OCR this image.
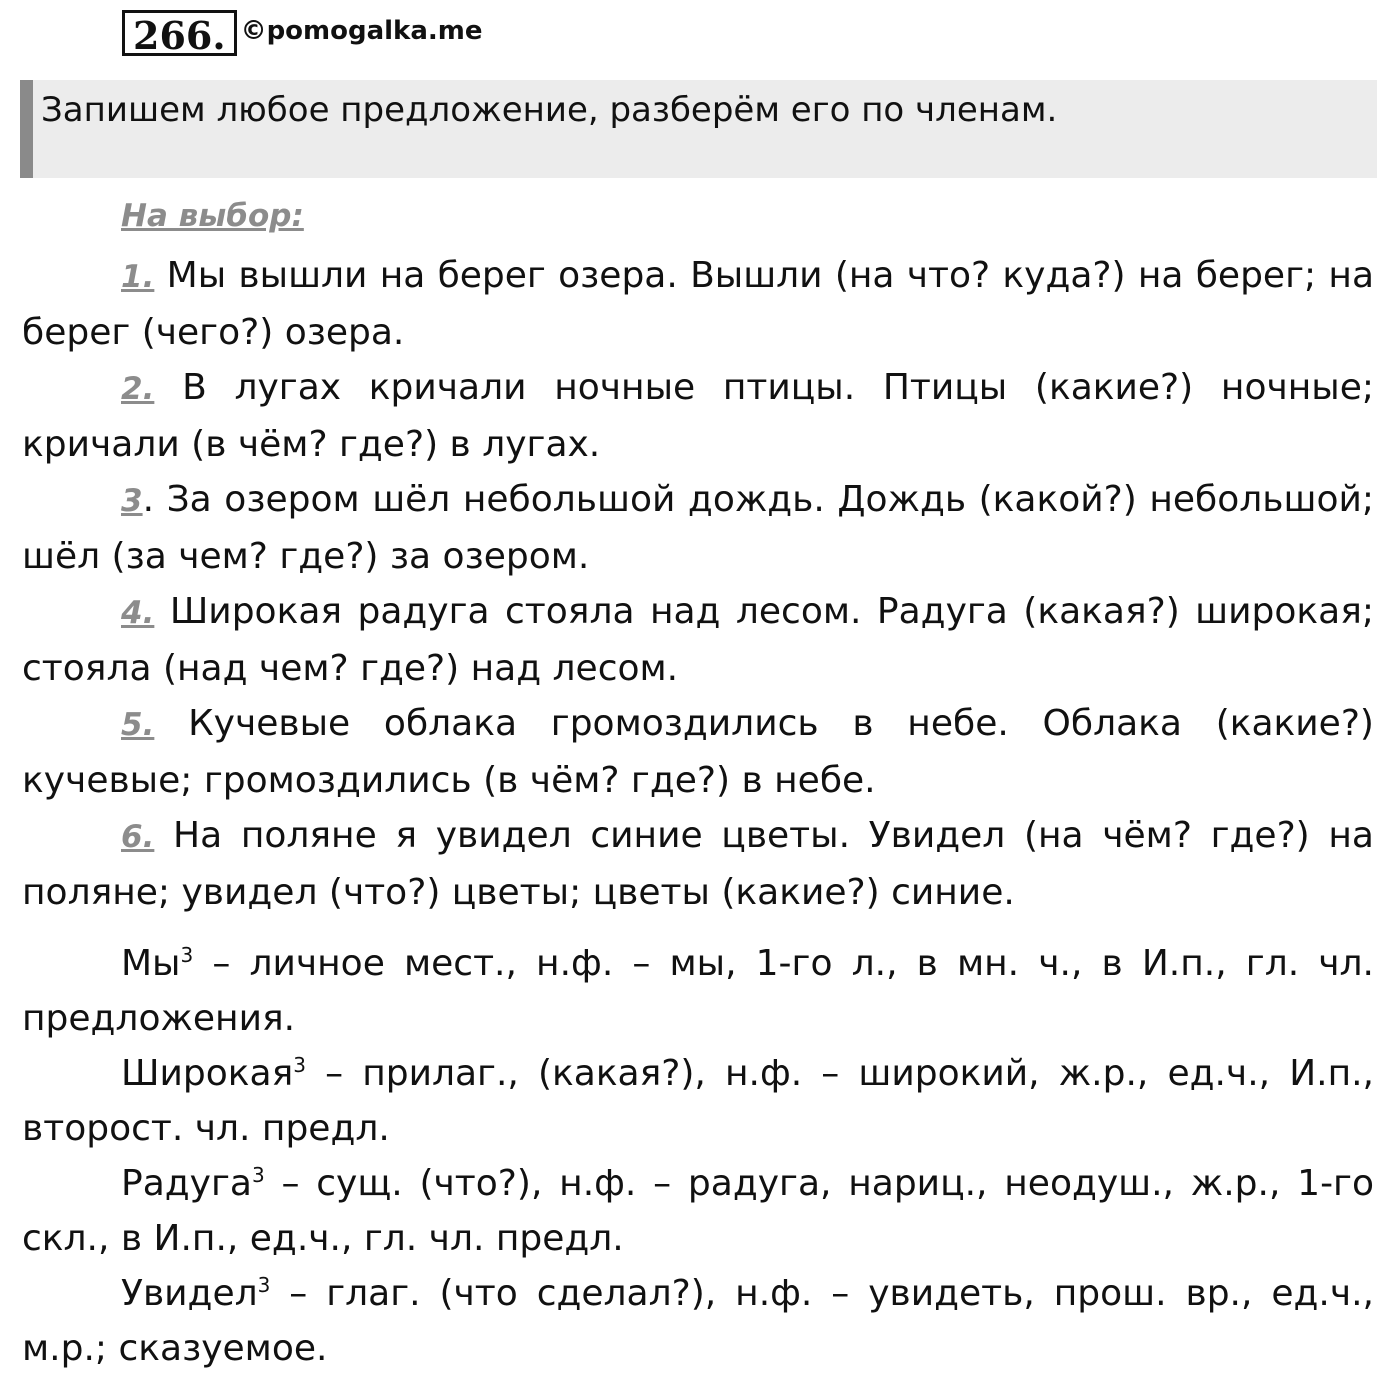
266. ©pomogalka.me
Запишем любое предложение, разберём его по членам.
На выбор:

1. Мы вышли на берег озера. Вышли (на что? куда?) на берег; на берег (чего?) озера.

2. В лугах кричали ночные птицы. Птицы (какие?) ночные; кричали (в чём? где?) в лугах.

3. За озером шёл небольшой дождь. Дождь (какой?) небольшой; шёл (за чем? где?) за озером.

4. Широкая радуга стояла над лесом. Радуга (какая?) широкая; стояла (над чем? где?) над лесом.

5. Кучевые облака громоздились в небе. Облака (какие?) кучевые; громоздились (в чём? где?) в небе.

6. На поляне я увидел синие цветы. Увидел (на чём? где?) на поляне; увидел (что?) цветы; цветы (какие?) синие.

$Мы^3$ – личное мест., н.ф. – мы, 1-го л., в мн. ч., в И.п., гл. чл. предложения.

Широкая$^3$ – прилаг., (какая?), н.ф. – широкий, ж.р., ед.ч., И.п., второст. чл. предл.

Радуга$^3$ – сущ. (что?), н.ф. – радуга, нариц., неодуш., ж.р., 1-го скл., в И.п., ед.ч., гл. чл. предл.

Увидел$^3$ – глаг. (что сделал?), н.ф. – увидеть, прош. вр., ед.ч., м.р.; сказуемое.
